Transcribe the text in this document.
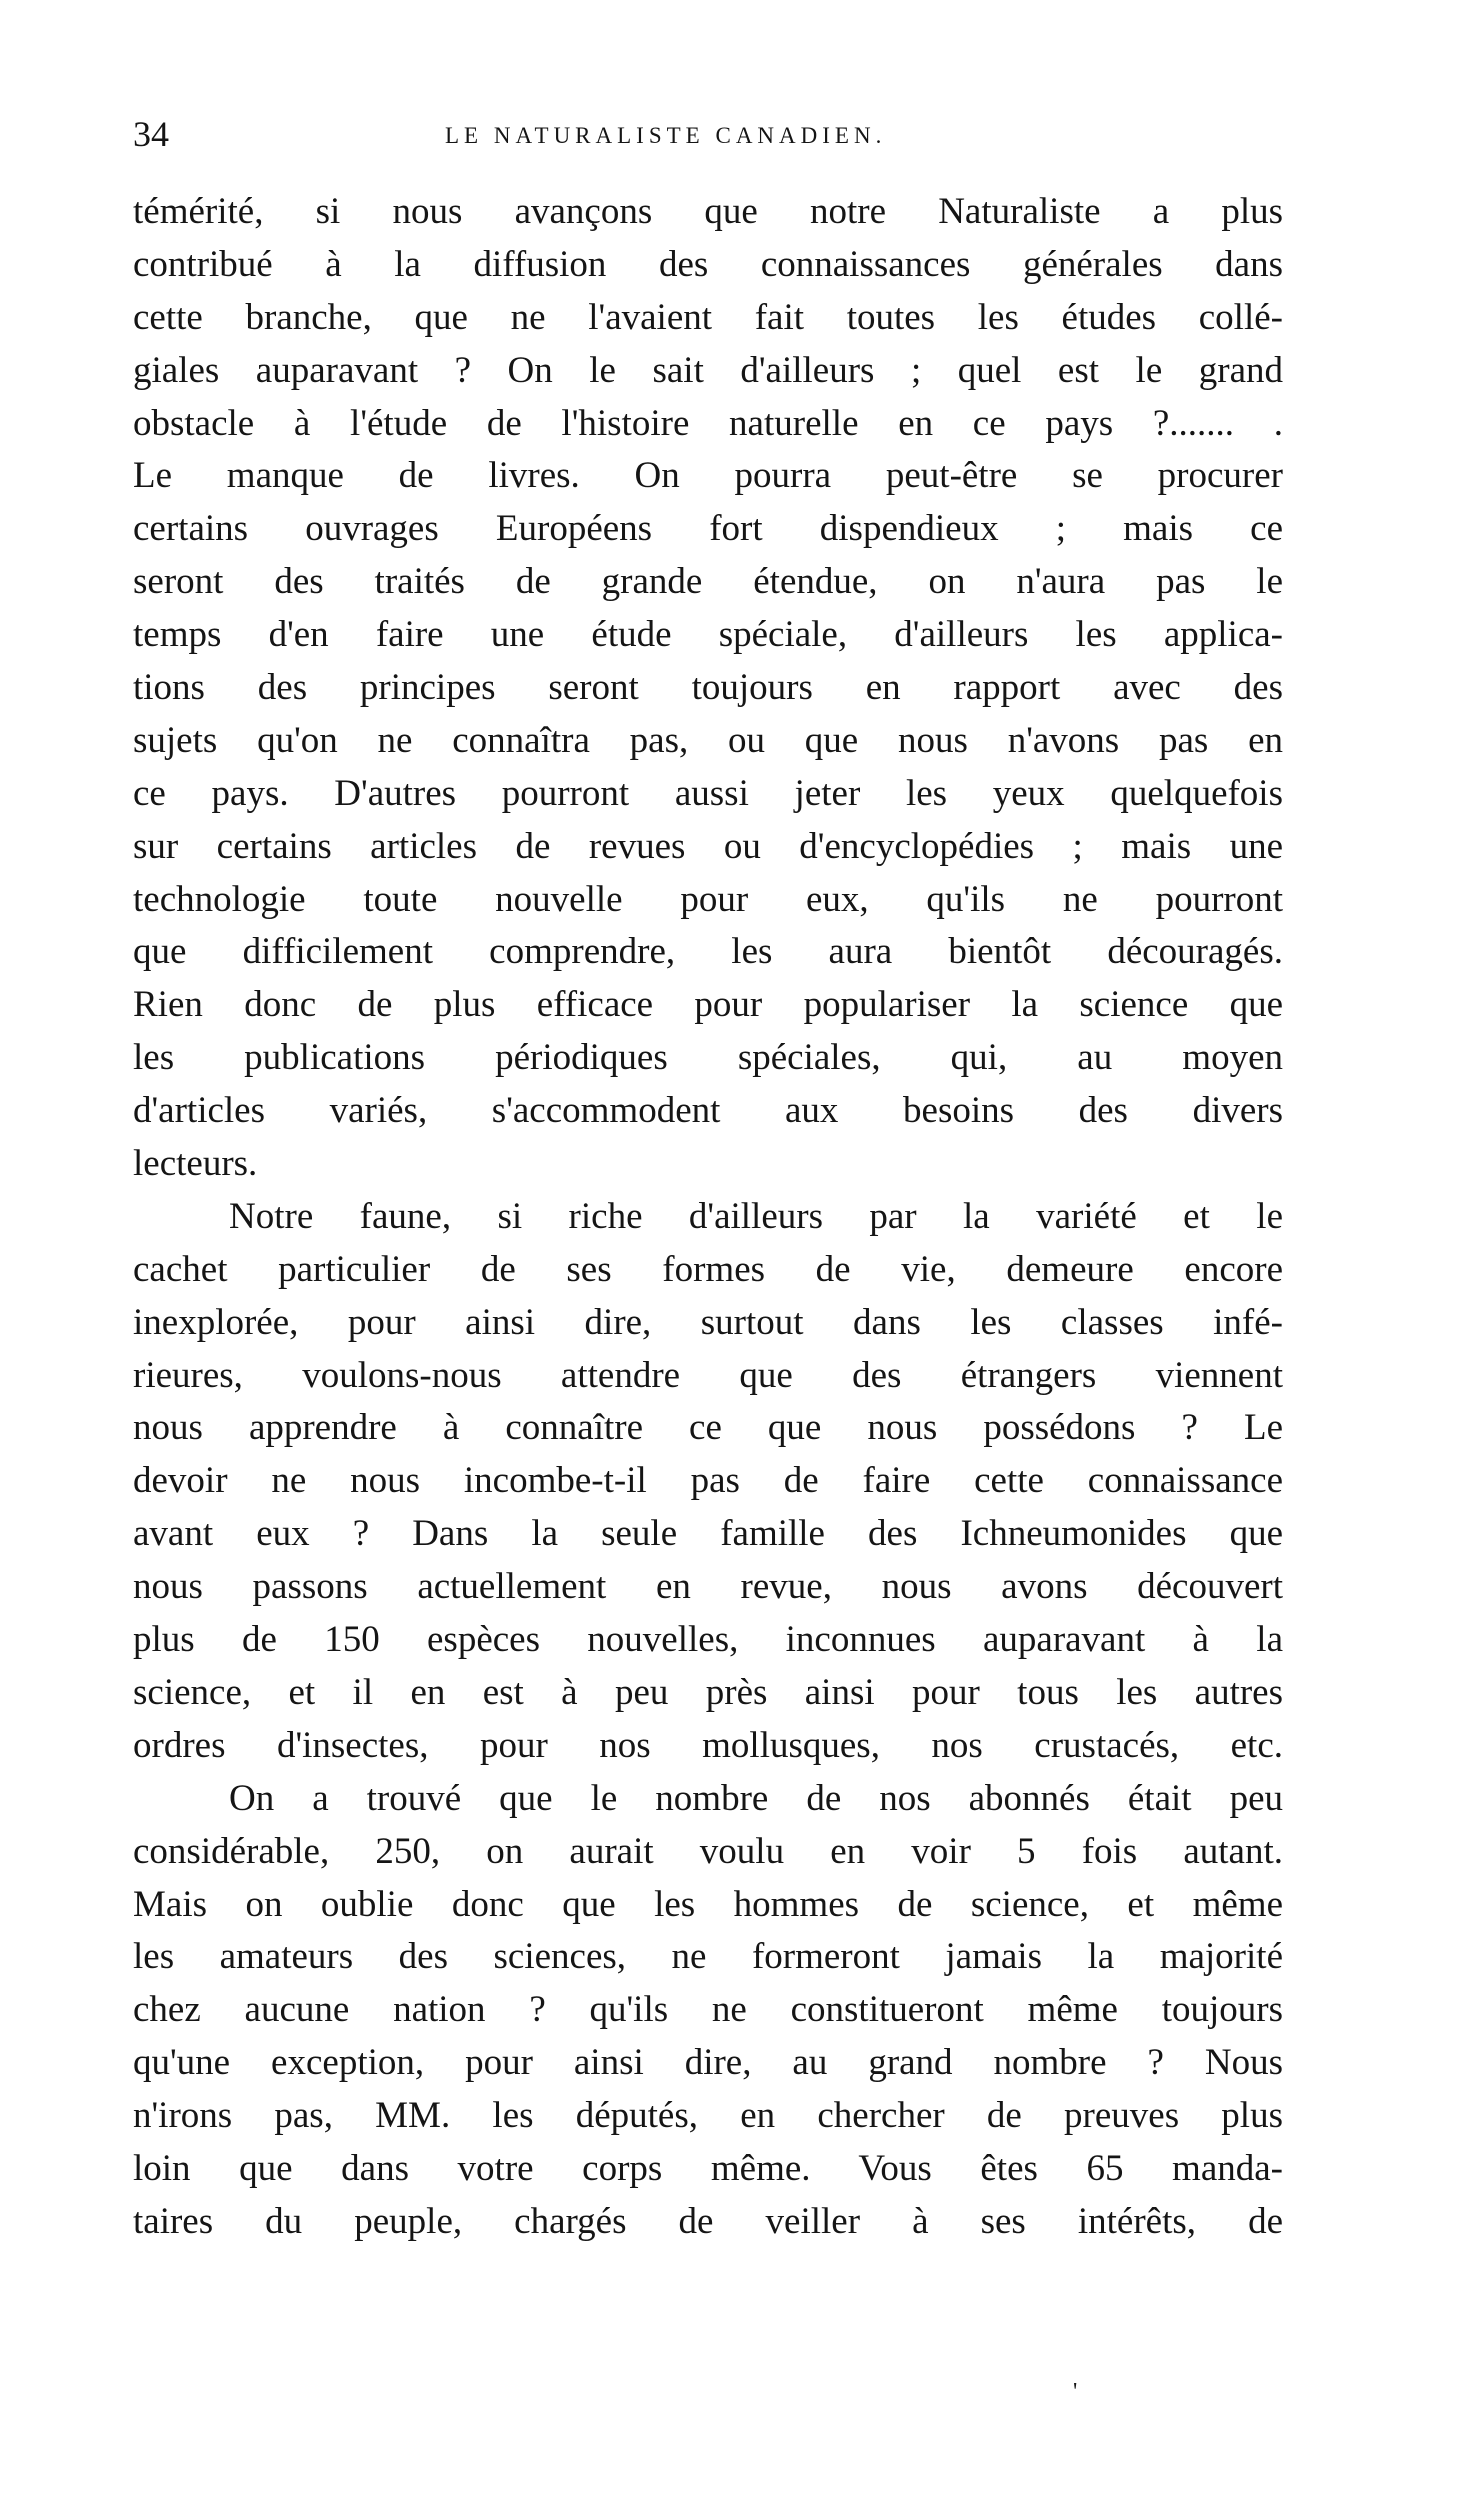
34	LE NATURALISTE CANADIEN.
témérité, si nous avançons que notre Naturaliste a plus
contribué à la diffusion des connaissances générales dans
cette branche, que ne l'avaient fait toutes les études collé-
giales auparavant ? On le sait d'ailleurs ; quel est le grand
obstacle à l'étude de l'histoire naturelle en ce pays ?....... .
Le manque de livres. On pourra peut-être se procurer
certains ouvrages Européens fort dispendieux ; mais ce
seront des traités de grande étendue, on n'aura pas le
temps d'en faire une étude spéciale, d'ailleurs les applica-
tions des principes seront toujours en rapport avec des
sujets qu'on ne connaîtra pas, ou que nous n'avons pas en
ce pays. D'autres pourront aussi jeter les yeux quelquefois
sur certains articles de revues ou d'encyclopédies ; mais une
technologie toute nouvelle pour eux, qu'ils ne pourront
que difficilement comprendre, les aura bientôt découragés.
Rien donc de plus efficace pour populariser la science que
les publications périodiques spéciales, qui, au moyen
d'articles variés, s'accommodent aux besoins des divers
lecteurs.
Notre faune, si riche d'ailleurs par la variété et le
cachet particulier de ses formes de vie, demeure encore
inexplorée, pour ainsi dire, surtout dans les classes infé-
rieures, voulons-nous attendre que des étrangers viennent
nous apprendre à connaître ce que nous possédons ? Le
devoir ne nous incombe-t-il pas de faire cette connaissance
avant eux ? Dans la seule famille des Ichneumonides que
nous passons actuellement en revue, nous avons découvert
plus de 150 espèces nouvelles, inconnues auparavant à la
science, et il en est à peu près ainsi pour tous les autres
ordres d'insectes, pour nos mollusques, nos crustacés, etc.
On a trouvé que le nombre de nos abonnés était peu
considérable, 250, on aurait voulu en voir 5 fois autant.
Mais on oublie donc que les hommes de science, et même
les amateurs des sciences, ne formeront jamais la majorité
chez aucune nation ? qu'ils ne constitueront même toujours
qu'une exception, pour ainsi dire, au grand nombre ? Nous
n'irons pas, MM. les députés, en chercher de preuves plus
loin que dans votre corps même. Vous êtes 65 manda-
taires du peuple, chargés de veiller à ses intérêts, de
'
